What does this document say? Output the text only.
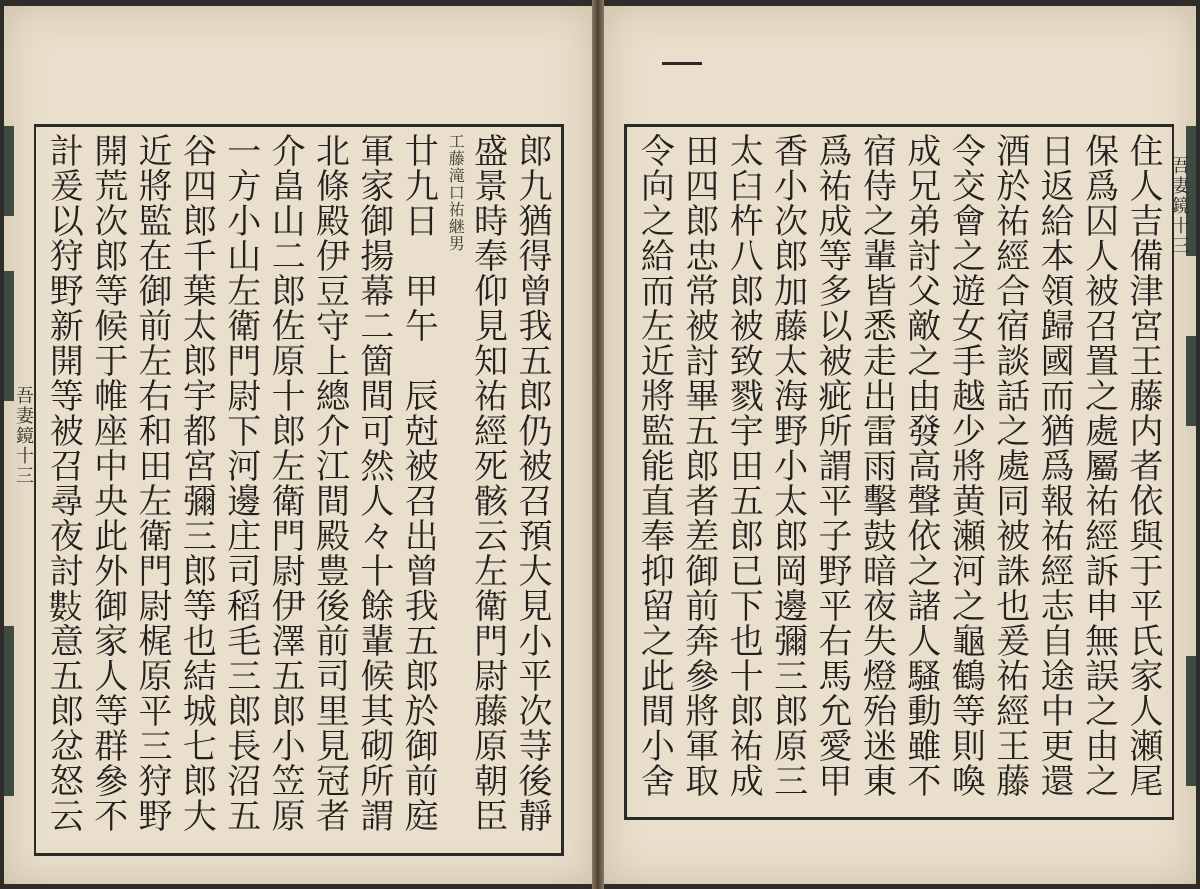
吾妻鏡十三
郎九猶得曾我五郎仍被召預大見小平次䒭後靜
盛景時奉仰見知祐經死骸云左衛門尉藤原朝臣
工藤滝口祐継男
廿九日　甲午　辰尅被召出曾我五郎於御前庭
軍家御揚幕二箇間可然人々十餘輩候其砌所謂
北條殿伊豆守上總介江間殿豊後前司里見冠者
介畠山二郎佐原十郎左衛門尉伊澤五郎小笠原
一方小山左衛門尉下河邊庄司稻毛三郎長沼五
谷四郎千葉太郎宇都宮彌三郎等也結城七郎大
近將監在御前左右和田左衛門尉梶原平三狩野
開荒次郎等候于帷座中央此外御家人等群參不
計爰以狩野新開等被召尋夜討𢿘意五郎忿怒云
吾妻鏡十三
住人吉備津宮王藤内者依與于平氏家人瀬尾
保爲囚人被召置之處屬祐經訴申無誤之由之
日返給本領歸國而猶爲報祐經志自途中更還
酒於祐經合宿談話之處同被誅也爰祐經王藤
令交會之遊女手越少將黄瀬河之龜鶴等則喚
成兄弟討父敵之由發高聲依之諸人騷動雖不
宿侍之輩皆悉走出雷雨擊鼓暗夜失燈殆迷東
爲祐成等多以被疵所謂平子野平右馬允愛甲
香小次郎加藤太海野小太郎岡邊彌三郎原三
太臼杵八郎被致戮宇田五郎已下也十郎祐成
田四郎忠常被討畢五郎者差御前奔參將軍取
令向之給而左近將監能直奉抑留之此間小舍
